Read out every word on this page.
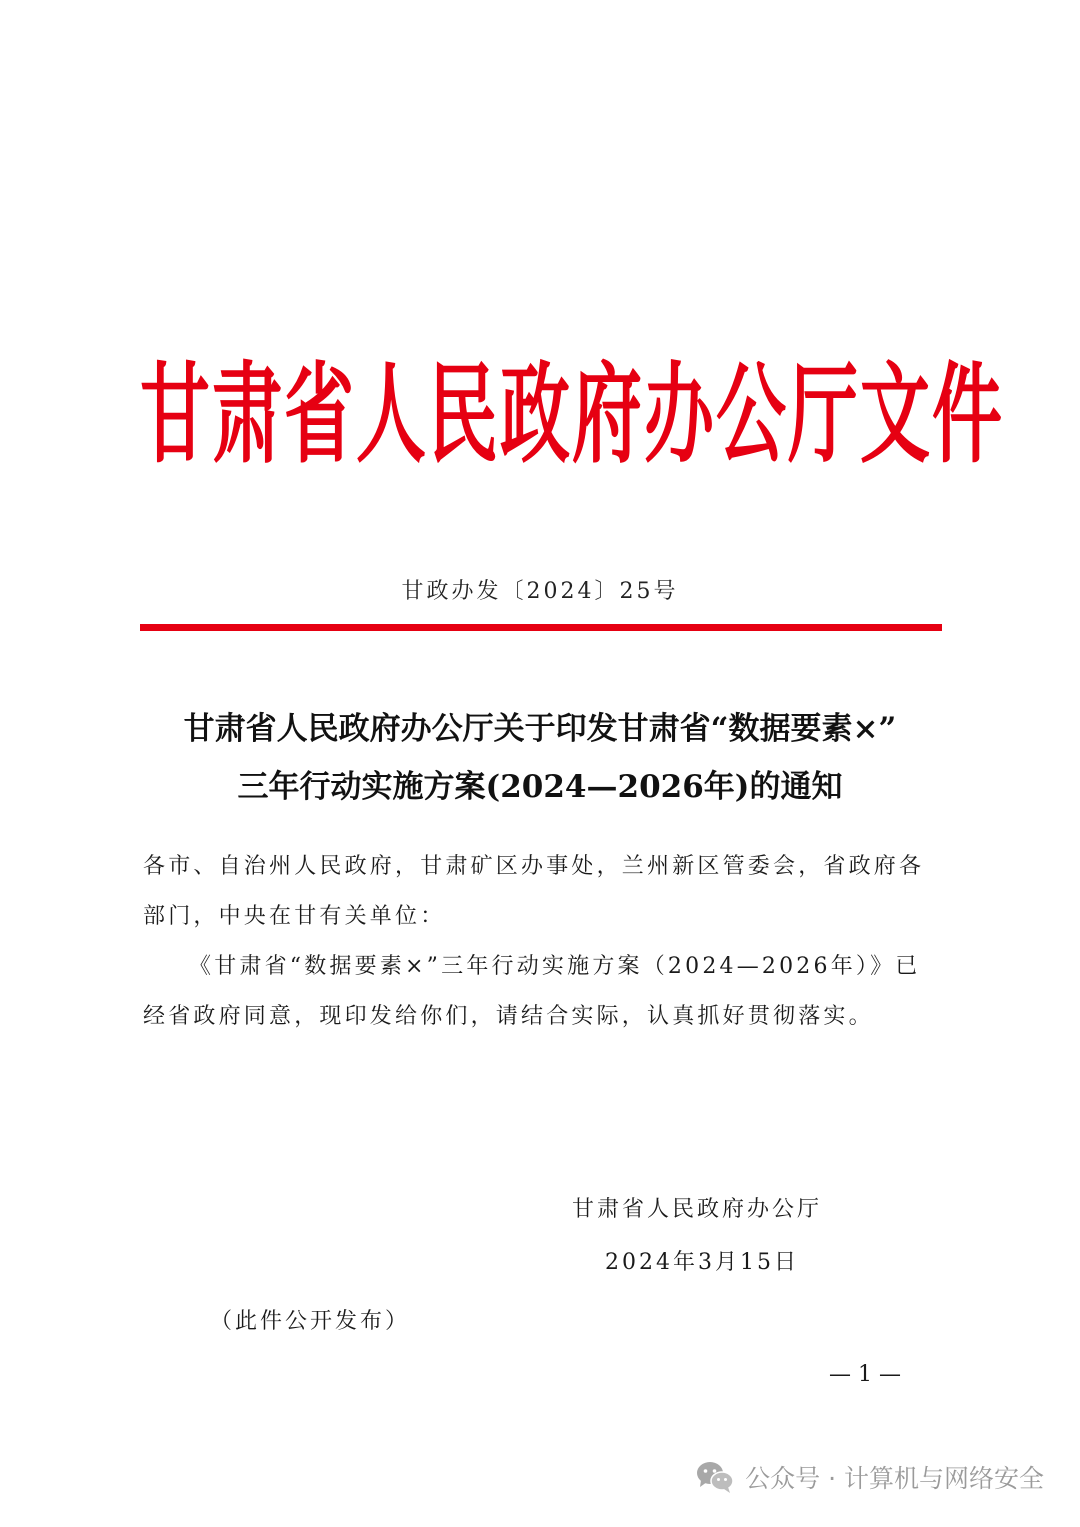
甘肃省人民政府办公厅文件
甘政办发〔2024〕25号
甘肃省人民政府办公厅关于印发甘肃省“数据要素×”
三年行动实施方案(2024—2026年)的通知

各市、自治州人民政府，甘肃矿区办事处，兰州新区管委会，省政府各部门，中央在甘有关单位：

《甘肃省“数据要素×”三年行动实施方案（2024—2026年）》已经省政府同意，现印发给你们，请结合实际，认真抓好贯彻落实。

甘肃省人民政府办公厅
2024年3月15日
（此件公开发布）
— 1 —
公众号 · 计算机与网络安全
